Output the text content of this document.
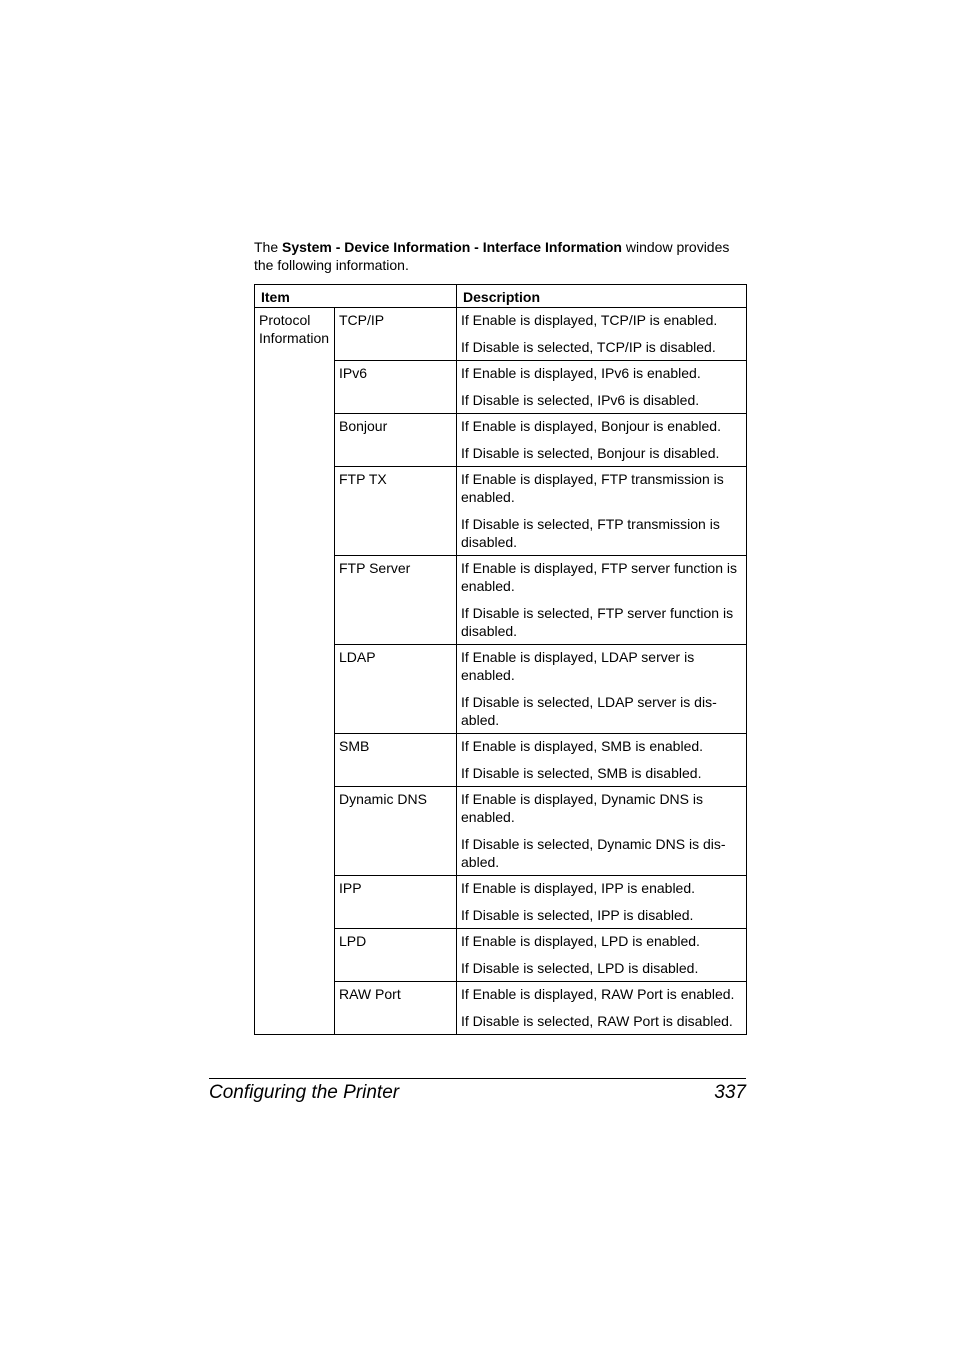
The System - Device Information - Interface Information window provides the following information.

Item		Description
Protocol Information	TCP/IP	If Enable is displayed, TCP/IP is enabled.

If Disable is selected, TCP/IP is disabled.

	IPv6	If Enable is displayed, IPv6 is enabled.

If Disable is selected, IPv6 is disabled.

	Bonjour	If Enable is displayed, Bonjour is enabled.

If Disable is selected, Bonjour is disabled.

	FTP TX	If Enable is displayed, FTP transmission is enabled.

If Disable is selected, FTP transmission is disabled.

	FTP Server	If Enable is displayed, FTP server function is enabled.

If Disable is selected, FTP server function is disabled.

	LDAP	If Enable is displayed, LDAP server is enabled.

If Disable is selected, LDAP server is dis-abled.

	SMB	If Enable is displayed, SMB is enabled.

If Disable is selected, SMB is disabled.

	Dynamic DNS	If Enable is displayed, Dynamic DNS is enabled.

If Disable is selected, Dynamic DNS is dis-abled.

	IPP	If Enable is displayed, IPP is enabled.

If Disable is selected, IPP is disabled.

	LPD	If Enable is displayed, LPD is enabled.

If Disable is selected, LPD is disabled.

	RAW Port	If Enable is displayed, RAW Port is enabled.

If Disable is selected, RAW Port is disabled.

Configuring the Printer	337
